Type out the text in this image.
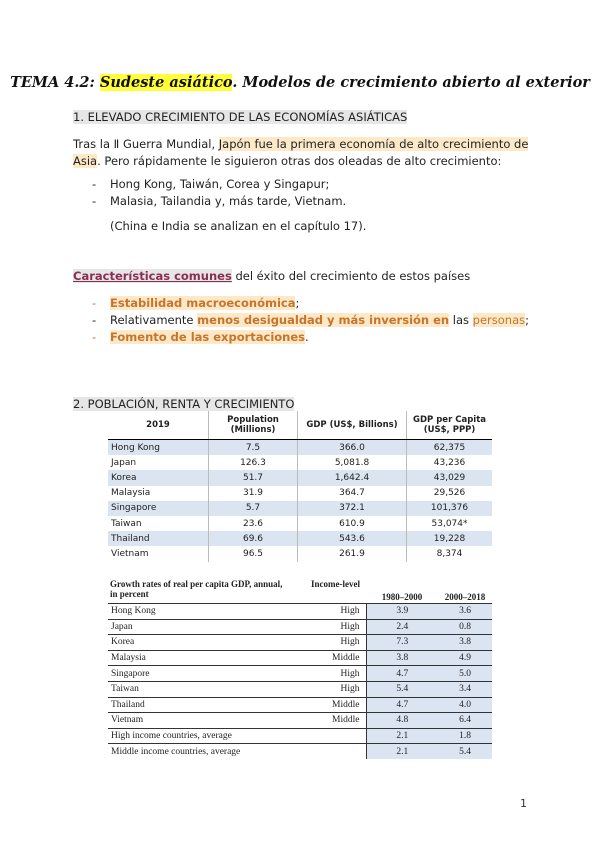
TEMA 4.2: Sudeste asiático. Modelos de crecimiento abierto al exterior
1. ELEVADO CRECIMIENTO DE LAS ECONOMÍAS ASIÁTICAS
Tras la Ⅱ Guerra Mundial, Japón fue la primera economía de alto crecimiento de Asia. Pero rápidamente le siguieron otras dos oleadas de alto crecimiento:
- Hong Kong, Taiwán, Corea y Singapur;
- Malasia, Tailandia y, más tarde, Vietnam.
(China e India se analizan en el capítulo 17).
Características comunes del éxito del crecimiento de estos países
- Estabilidad macroeconómica;
- Relativamente menos desigualdad y más inversión en las personas;
- Fomento de las exportaciones.
2. POBLACIÓN, RENTA Y CRECIMIENTO
2019	Population (Millions)	GDP (US$, Billions)	GDP per Capita (US$, PPP)
Hong Kong	7.5	366.0	62,375
Japan	126.3	5,081.8	43,236
Korea	51.7	1,642.4	43,029
Malaysia	31.9	364.7	29,526
Singapore	5.7	372.1	101,376
Taiwan	23.6	610.9	53,074*
Thailand	69.6	543.6	19,228
Vietnam	96.5	261.9	8,374
Growth rates of real per capita GDP, annual, in percent	Income-level	1980–2000	2000–2018
Hong Kong	High	3.9	3.6
Japan	High	2.4	0.8
Korea	High	7.3	3.8
Malaysia	Middle	3.8	4.9
Singapore	High	4.7	5.0
Taiwan	High	5.4	3.4
Thailand	Middle	4.7	4.0
Vietnam	Middle	4.8	6.4
High income countries, average		2.1	1.8
Middle income countries, average		2.1	5.4
1
